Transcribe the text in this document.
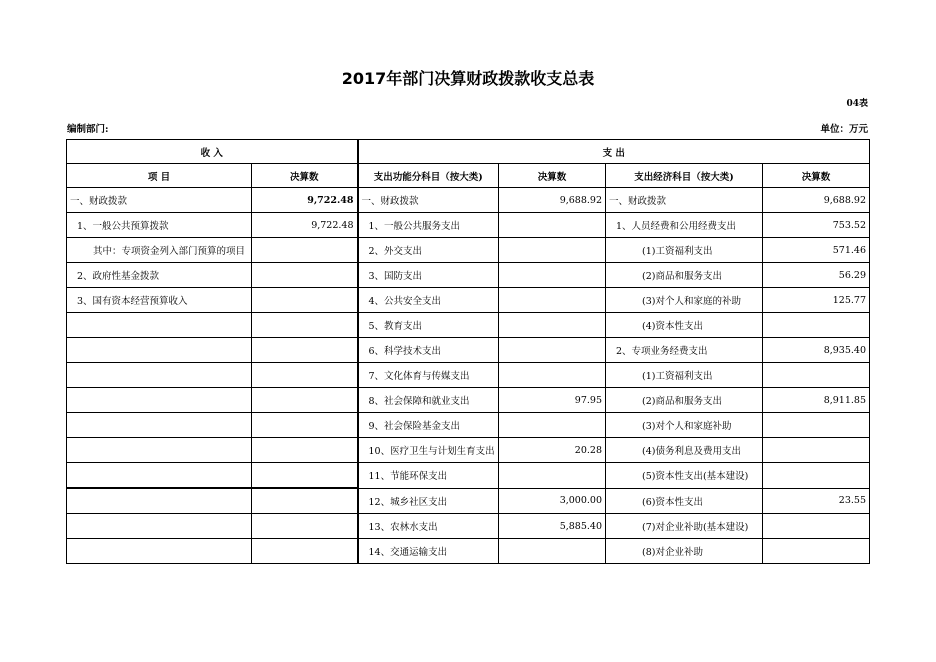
2017年部门决算财政拨款收支总表
04表
编制部门:	单位：万元
收 入		支 出			
项 目	决算数	支出功能分科目（按大类)	决算数	支出经济科目（按大类)	决算数
一、财政拨款	9,722.48	一、财政拨款	9,688.92	一、财政拨款	9,688.92
1、一般公共预算拨款	9,722.48	1、一般公共服务支出		1、人员经费和公用经费支出	753.52
其中：专项资金列入部门预算的项目		2、外交支出		(1)工资福利支出	571.46
2、政府性基金拨款		3、国防支出		(2)商品和服务支出	56.29
3、国有资本经营预算收入		4、公共安全支出		(3)对个人和家庭的补助	125.77
		5、教育支出		(4)资本性支出	
		6、科学技术支出		2、专项业务经费支出	8,935.40
		7、文化体育与传媒支出		(1)工资福利支出	
		8、社会保障和就业支出	97.95	(2)商品和服务支出	8,911.85
		9、社会保险基金支出		(3)对个人和家庭补助	
		10、医疗卫生与计划生育支出	20.28	(4)债务利息及费用支出	
		11、节能环保支出		(5)资本性支出(基本建设)	
		12、城乡社区支出	3,000.00	(6)资本性支出	23.55
		13、农林水支出	5,885.40	(7)对企业补助(基本建设)	
		14、交通运输支出		(8)对企业补助	
